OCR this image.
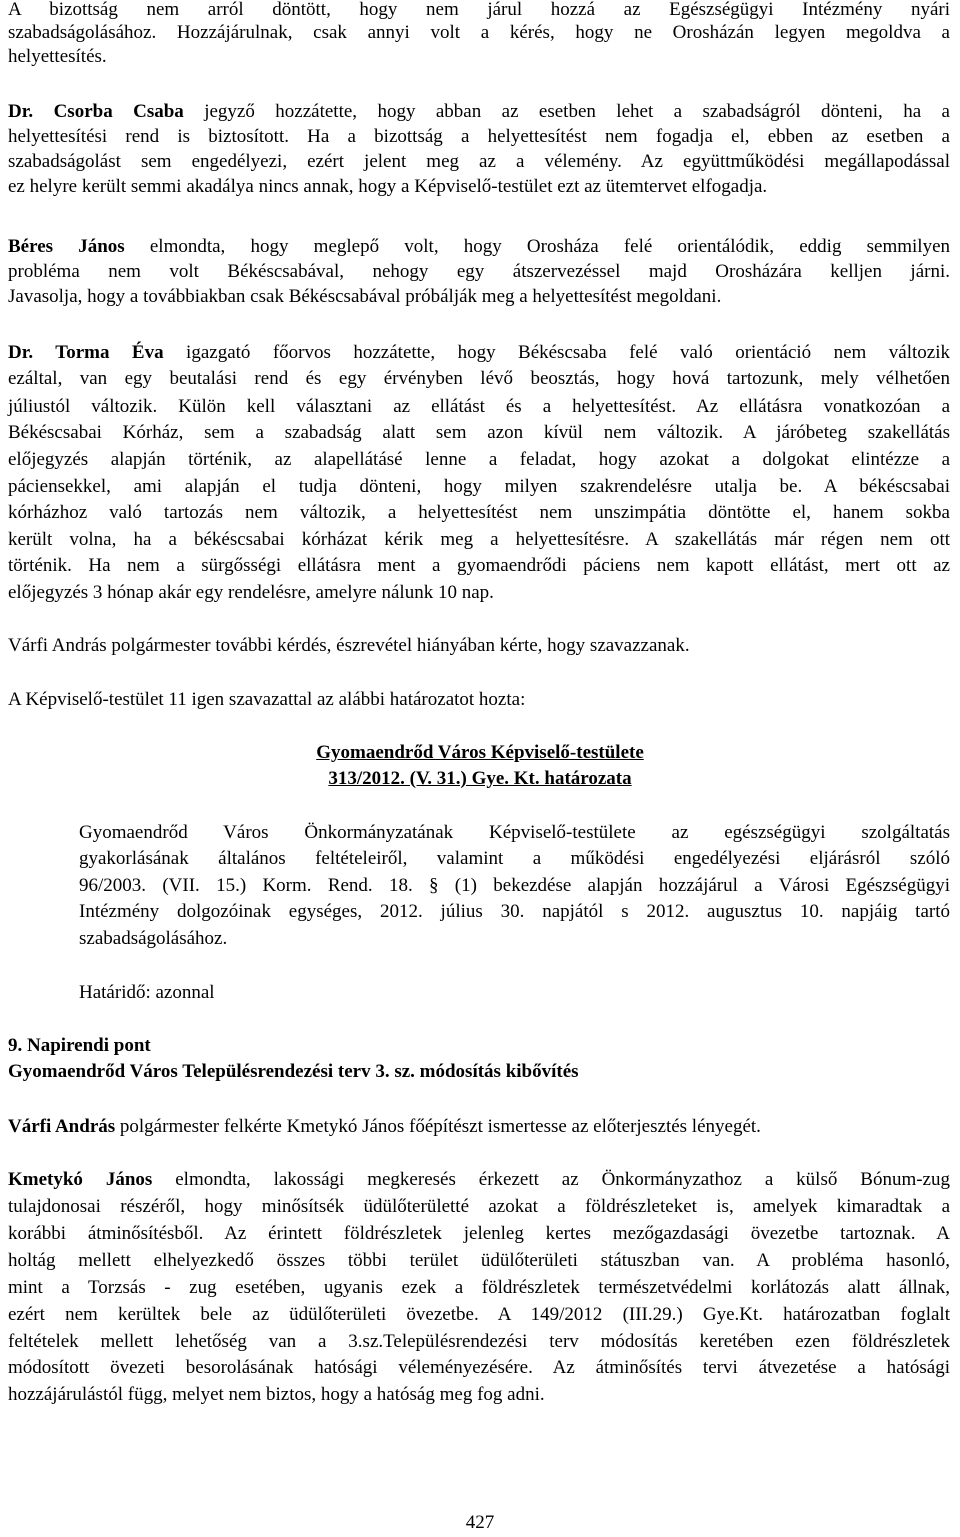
A bizottság nem arról döntött, hogy nem járul hozzá az Egészségügyi Intézmény nyári
szabadságolásához. Hozzájárulnak, csak annyi volt a kérés, hogy ne Orosházán legyen megoldva a
helyettesítés.
Dr. Csorba Csaba jegyző hozzátette, hogy abban az esetben lehet a szabadságról dönteni, ha a
helyettesítési rend is biztosított. Ha a bizottság a helyettesítést nem fogadja el, ebben az esetben a
szabadságolást sem engedélyezi, ezért jelent meg az a vélemény. Az együttműködési megállapodással
ez helyre került semmi akadálya nincs annak, hogy a Képviselő-testület ezt az ütemtervet elfogadja.
Béres János elmondta, hogy meglepő volt, hogy Orosháza felé orientálódik, eddig semmilyen
probléma nem volt Békéscsabával, nehogy egy átszervezéssel majd Orosházára kelljen járni.
Javasolja, hogy a továbbiakban csak Békéscsabával próbálják meg a helyettesítést megoldani.
Dr. Torma Éva igazgató főorvos hozzátette, hogy Békéscsaba felé való orientáció nem változik
ezáltal, van egy beutalási rend és egy érvényben lévő beosztás, hogy hová tartozunk, mely vélhetően
júliustól változik. Külön kell választani az ellátást és a helyettesítést. Az ellátásra vonatkozóan a
Békéscsabai Kórház, sem a szabadság alatt sem azon kívül nem változik. A járóbeteg szakellátás
előjegyzés alapján történik, az alapellátásé lenne a feladat, hogy azokat a dolgokat elintézze a
páciensekkel, ami alapján el tudja dönteni, hogy milyen szakrendelésre utalja be. A békéscsabai
kórházhoz való tartozás nem változik, a helyettesítést nem unszimpátia döntötte el, hanem sokba
került volna, ha a békéscsabai kórházat kérik meg a helyettesítésre. A szakellátás már régen nem ott
történik. Ha nem a sürgősségi ellátásra ment a gyomaendrődi páciens nem kapott ellátást, mert ott az
előjegyzés 3 hónap akár egy rendelésre, amelyre nálunk 10 nap.
Várfi András polgármester további kérdés, észrevétel hiányában kérte, hogy szavazzanak.
A Képviselő-testület 11 igen szavazattal az alábbi határozatot hozta:
Gyomaendrőd Város Képviselő-testülete
313/2012. (V. 31.) Gye. Kt. határozata
Gyomaendrőd Város Önkormányzatának Képviselő-testülete az egészségügyi szolgáltatás
gyakorlásának általános feltételeiről, valamint a működési engedélyezési eljárásról szóló
96/2003. (VII. 15.) Korm. Rend. 18. § (1) bekezdése alapján hozzájárul a Városi Egészségügyi
Intézmény dolgozóinak egységes, 2012. július 30. napjától s 2012. augusztus 10. napjáig tartó
szabadságolásához.
Határidő: azonnal
9. Napirendi pont
Gyomaendrőd Város Településrendezési terv 3. sz. módosítás kibővítés
Várfi András polgármester felkérte Kmetykó János főépítészt ismertesse az előterjesztés lényegét.
Kmetykó János elmondta, lakossági megkeresés érkezett az Önkormányzathoz a külső Bónum-zug
tulajdonosai részéről, hogy minősítsék üdülőterületté azokat a földrészleteket is, amelyek kimaradtak a
korábbi átminősítésből. Az érintett földrészletek jelenleg kertes mezőgazdasági övezetbe tartoznak. A
holtág mellett elhelyezkedő összes többi terület üdülőterületi státuszban van. A probléma hasonló,
mint a Torzsás - zug esetében, ugyanis ezek a földrészletek természetvédelmi korlátozás alatt állnak,
ezért nem kerültek bele az üdülőterületi övezetbe. A 149/2012 (III.29.) Gye.Kt. határozatban foglalt
feltételek mellett lehetőség van a 3.sz.Településrendezési terv módosítás keretében ezen földrészletek
módosított övezeti besorolásának hatósági véleményezésére. Az átminősítés tervi átvezetése a hatósági
hozzájárulástól függ, melyet nem biztos, hogy a hatóság meg fog adni.
427
